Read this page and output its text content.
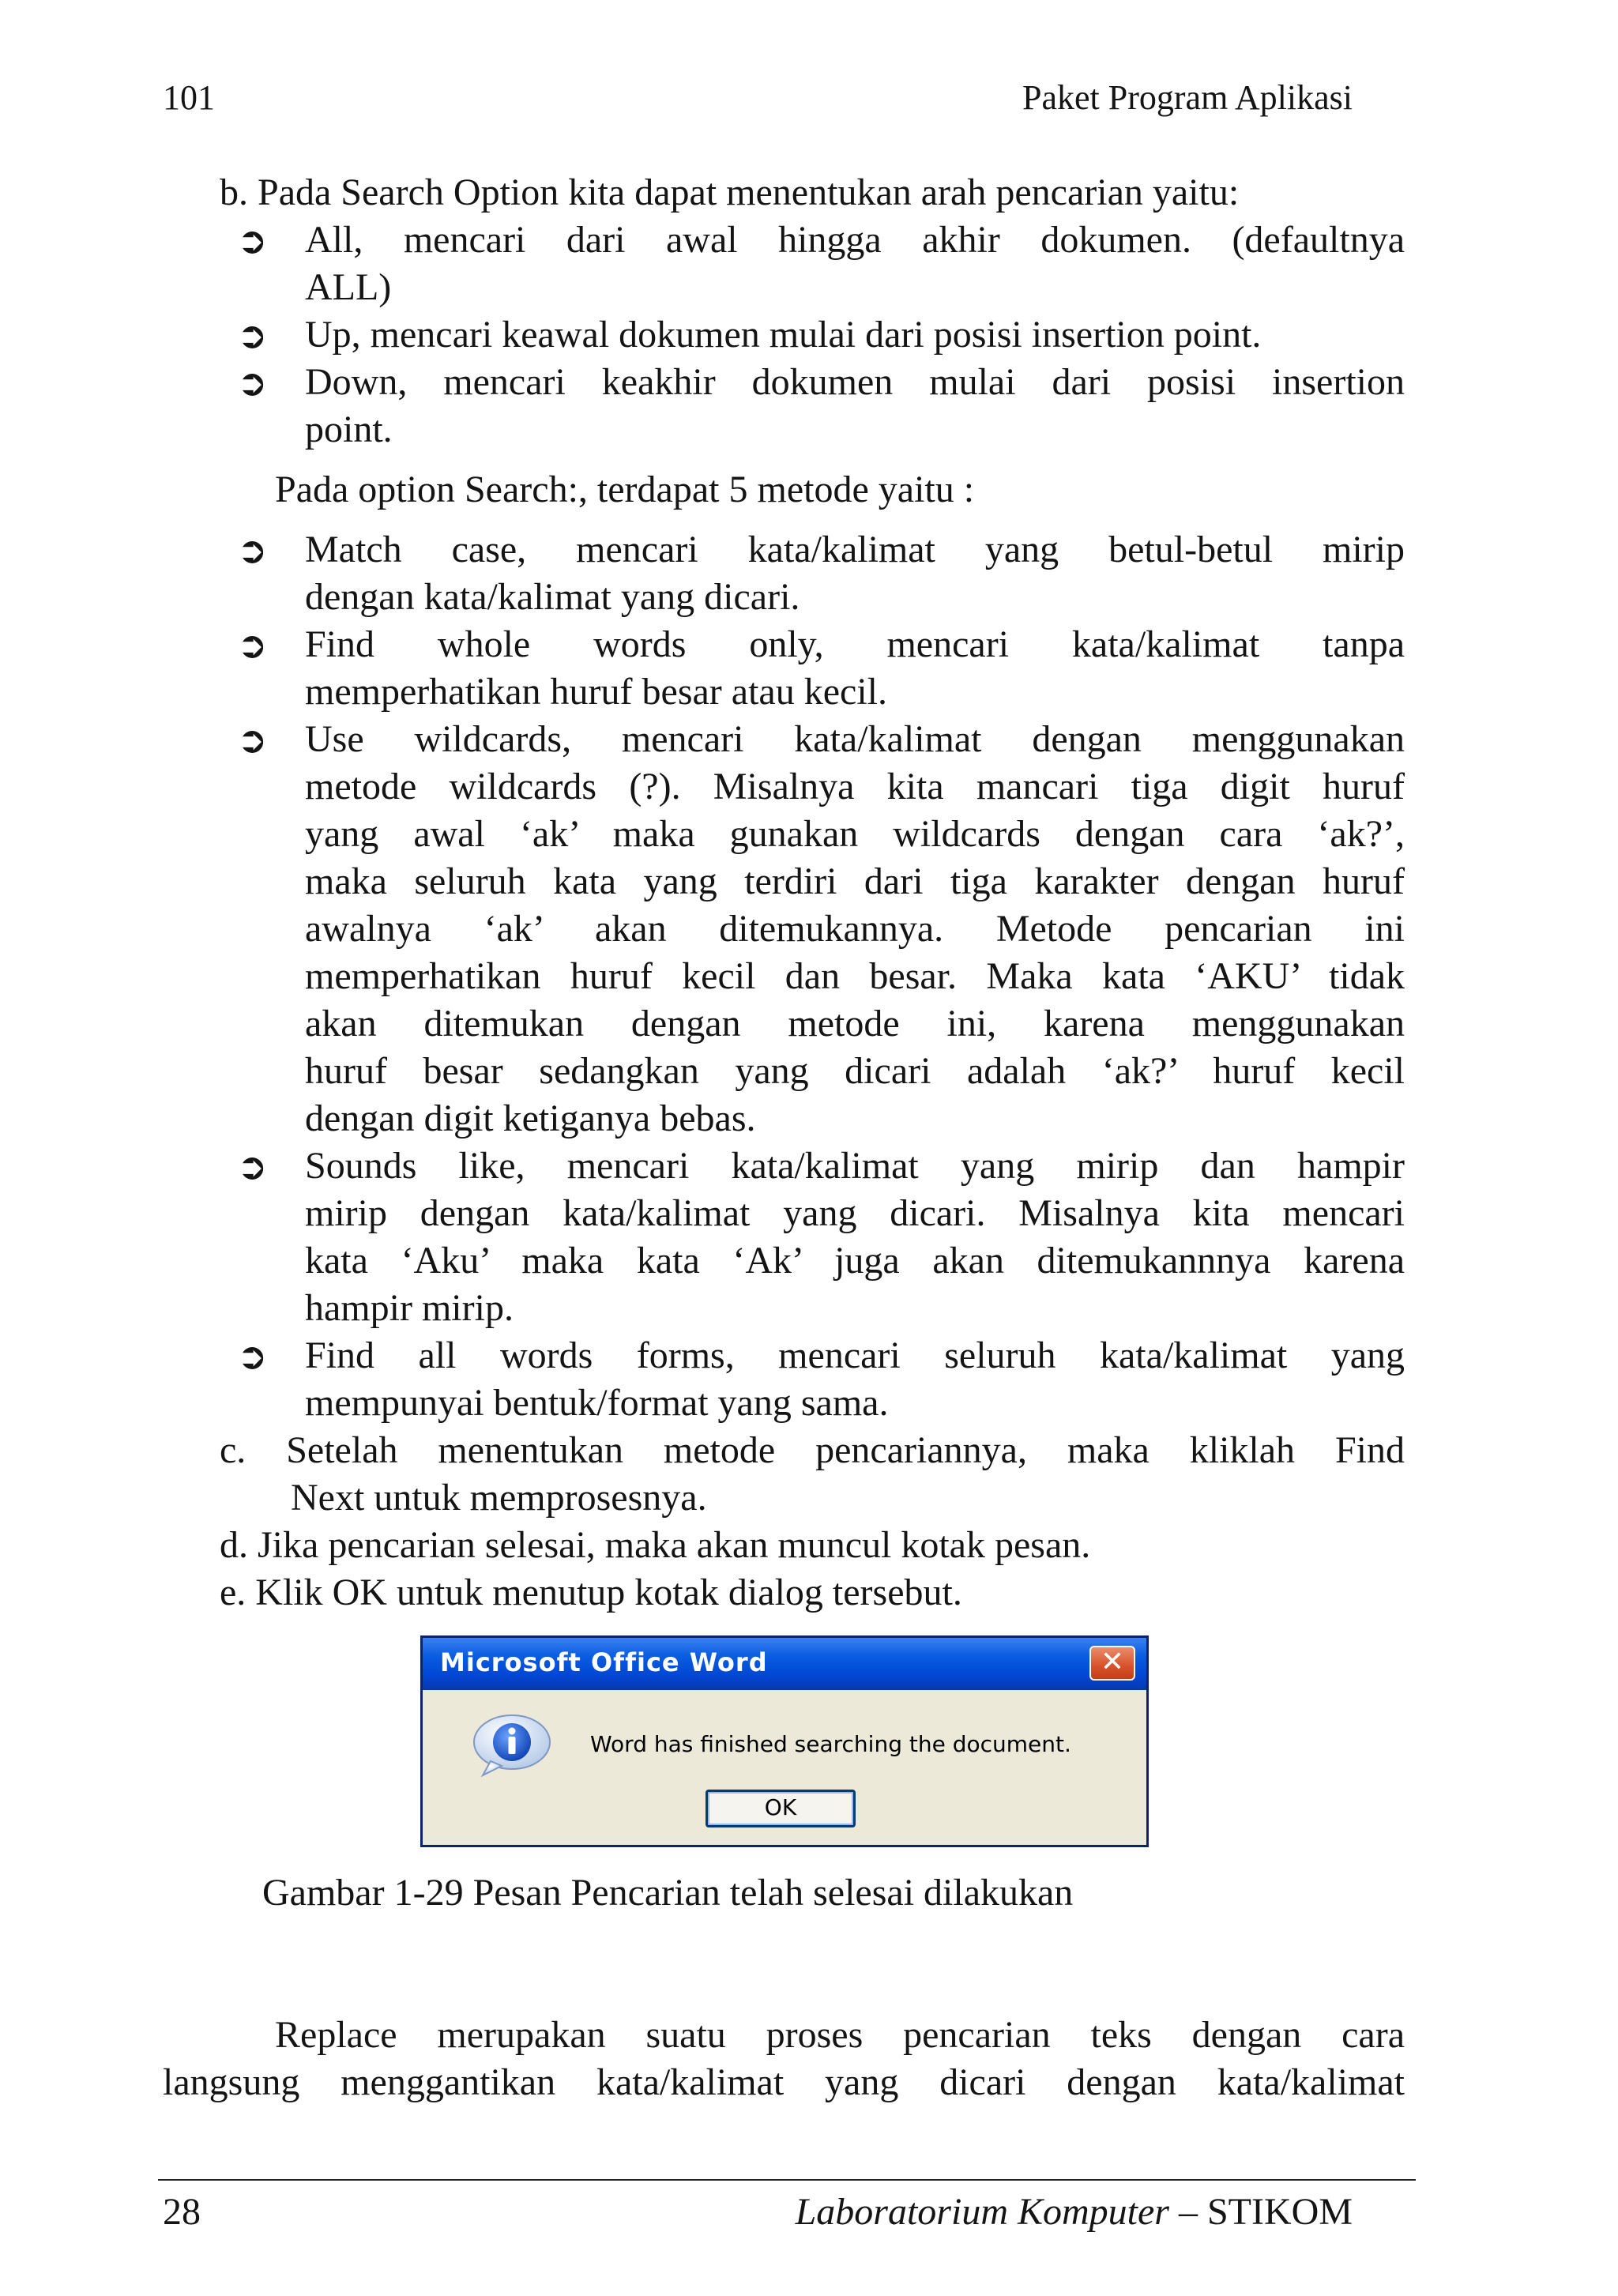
101	Paket Program Aplikasi
b. Pada Search Option kita dapat menentukan arah pencarian yaitu:
➲ All, mencari dari awal hingga akhir dokumen. (defaultnya
ALL)
➲ Up, mencari keawal dokumen mulai dari posisi insertion point.
➲ Down, mencari keakhir dokumen mulai dari posisi insertion
point.
Pada option Search:, terdapat 5 metode yaitu :
➲ Match case, mencari kata/kalimat yang betul-betul mirip
dengan kata/kalimat yang dicari.
➲ Find whole words only, mencari kata/kalimat tanpa
memperhatikan huruf besar atau kecil.
➲ Use wildcards, mencari kata/kalimat dengan menggunakan
metode wildcards (?). Misalnya kita mancari tiga digit huruf
yang awal ‘ak’ maka gunakan wildcards dengan cara ‘ak?’,
maka seluruh kata yang terdiri dari tiga karakter dengan huruf
awalnya ‘ak’ akan ditemukannya. Metode pencarian ini
memperhatikan huruf kecil dan besar. Maka kata ‘AKU’ tidak
akan ditemukan dengan metode ini, karena menggunakan
huruf besar sedangkan yang dicari adalah ‘ak?’ huruf kecil
dengan digit ketiganya bebas.
➲ Sounds like, mencari kata/kalimat yang mirip dan hampir
mirip dengan kata/kalimat yang dicari. Misalnya kita mencari
kata ‘Aku’ maka kata ‘Ak’ juga akan ditemukannnya karena
hampir mirip.
➲ Find all words forms, mencari seluruh kata/kalimat yang
mempunyai bentuk/format yang sama.
c. Setelah menentukan metode pencariannya, maka kliklah Find
Next untuk memprosesnya.
d. Jika pencarian selesai, maka akan muncul kotak pesan.
e. Klik OK untuk menutup kotak dialog tersebut.
Microsoft Office Word	✕
Word has finished searching the document.
OK
Gambar 1-29 Pesan Pencarian telah selesai dilakukan
Replace merupakan suatu proses pencarian teks dengan cara
langsung menggantikan kata/kalimat yang dicari dengan kata/kalimat
28	Laboratorium Komputer – STIKOM
